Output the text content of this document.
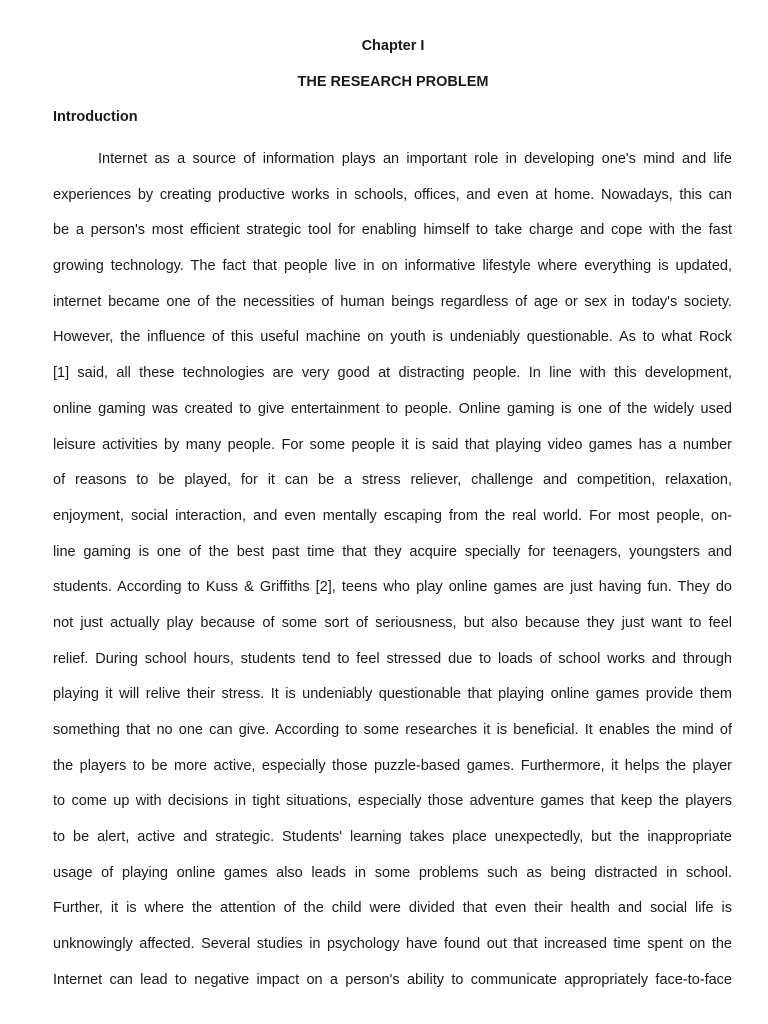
Chapter I
THE RESEARCH PROBLEM
Introduction
Internet as a source of information plays an important role in developing one's mind and life
experiences by creating productive works in schools, offices, and even at home. Nowadays, this can
be a person's most efficient strategic tool for enabling himself to take charge and cope with the fast
growing technology. The fact that people live in on informative lifestyle where everything is updated,
internet became one of the necessities of human beings regardless of age or sex in today's society.
However, the influence of this useful machine on youth is undeniably questionable. As to what Rock
[1] said, all these technologies are very good at distracting people. In line with this development,
online gaming was created to give entertainment to people. Online gaming is one of the widely used
leisure activities by many people. For some people it is said that playing video games has a number
of reasons to be played, for it can be a stress reliever, challenge and competition, relaxation,
enjoyment, social interaction, and even mentally escaping from the real world. For most people, on-
line gaming is one of the best past time that they acquire specially for teenagers, youngsters and
students. According to Kuss & Griffiths [2], teens who play online games are just having fun. They do
not just actually play because of some sort of seriousness, but also because they just want to feel
relief. During school hours, students tend to feel stressed due to loads of school works and through
playing it will relive their stress. It is undeniably questionable that playing online games provide them
something that no one can give. According to some researches it is beneficial. It enables the mind of
the players to be more active, especially those puzzle-based games. Furthermore, it helps the player
to come up with decisions in tight situations, especially those adventure games that keep the players
to be alert, active and strategic. Students' learning takes place unexpectedly, but the inappropriate
usage of playing online games also leads in some problems such as being distracted in school.
Further, it is where the attention of the child were divided that even their health and social life is
unknowingly affected. Several studies in psychology have found out that increased time spent on the
Internet can lead to negative impact on a person's ability to communicate appropriately face-to-face
